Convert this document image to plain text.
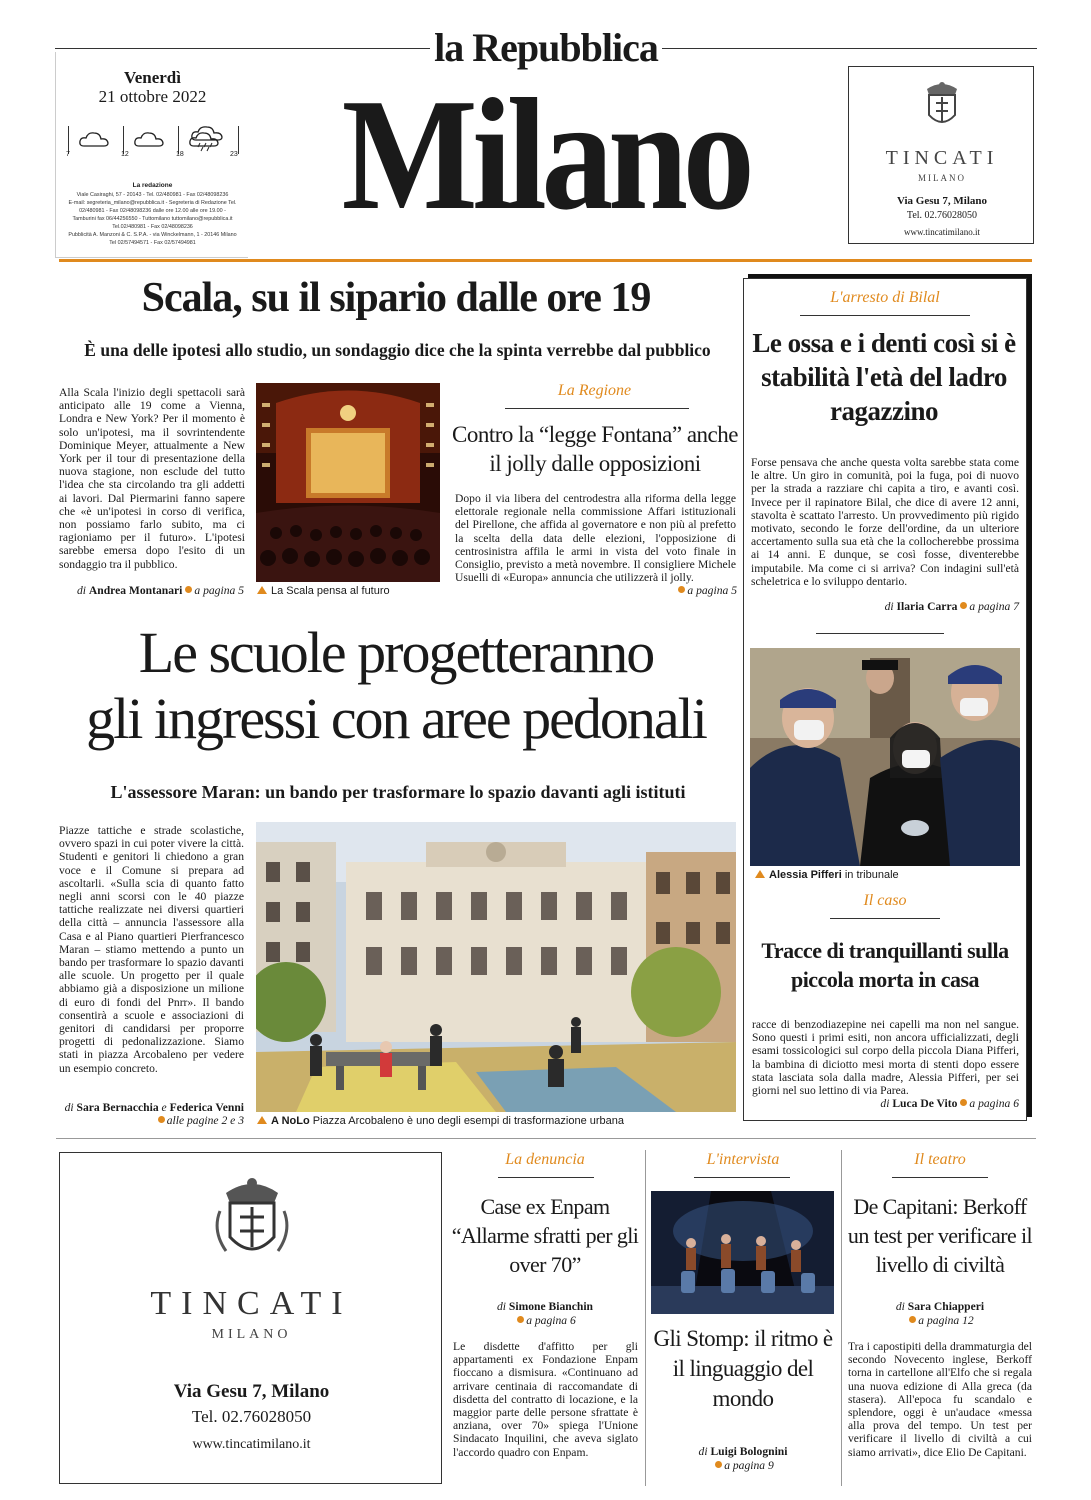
la Repubblica
Milano
Venerdì
21 ottobre 2022
7	12	18	23
La redazione
Viale Casiraghi, 57 - 20143 - Tel. 02/480981 - Fax 02/48098236
E-mail: segreteria_milano@repubblica.it - Segreteria di Redazione Tel.
02/480981 - Fax 02/48098236 dalle ore 12.00 alle ore 19.00 -
Tamburini fax 06/44256550 - Tuttomilano tuttomilano@repubblica.it
Tel.02/480981 - Fax 02/48098236
Pubblicità A. Manzoni & C. S.P.A. - via Winckelmann, 1 - 20146 Milano
Tel 02/57494571 - Fax 02/57494981
TINCATI
MILANO
Via Gesu 7, Milano
Tel. 02.76028050
www.tincatimilano.it
Scala, su il sipario dalle ore 19
È una delle ipotesi allo studio, un sondaggio dice che la spinta verrebbe dal pubblico
Alla Scala l'inizio degli spettacoli sarà anticipato alle 19 come a Vienna, Londra e New York? Per il momento è solo un'ipotesi, ma il sovrintendente Dominique Meyer, attualmente a New York per il tour di presentazione della nuova stagione, non esclude del tutto l'idea che sta circolando tra gli addetti ai lavori. Dal Piermarini fanno sapere che «è un'ipotesi in corso di verifica, non possiamo farlo subito, ma ci ragioniamo per il futuro». L'ipotesi sarebbe emersa dopo l'esito di un sondaggio tra il pubblico.
di Andrea Montanari a pagina 5	La Scala pensa al futuro
La Regione
Contro la “legge Fontana” anche il jolly dalle opposizioni
Dopo il via libera del centrodestra alla riforma della legge elettorale regionale nella commissione Affari istituzionali del Pirellone, che affida al governatore e non più al prefetto la scelta della data delle elezioni, l'opposizione di centrosinistra affila le armi in vista del voto finale in Consiglio, previsto a metà novembre. Il consigliere Michele Usuelli di «Europa» annuncia che utilizzerà il jolly.
a pagina 5
L'arresto di Bilal
Le ossa e i denti così si è stabilità l'età del ladro ragazzino
Forse pensava che anche questa volta sarebbe stata come le altre. Un giro in comunità, poi la fuga, poi di nuovo per la strada a razziare chi capita a tiro, e avanti così. Invece per il rapinatore Bilal, che dice di avere 12 anni, stavolta è scattato l'arresto. Un provvedimento più rigido motivato, secondo le forze dell'ordine, da un ulteriore accertamento sulla sua età che la collocherebbe prossima ai 14 anni. E dunque, se così fosse, diventerebbe imputabile. Ma come ci si arriva? Con indagini sull'età scheletrica e lo sviluppo dentario.
di Ilaria Carra a pagina 7
Alessia Pifferi in tribunale
Il caso
Tracce di tranquillanti sulla piccola morta in casa
racce di benzodiazepine nei capelli ma non nel sangue. Sono questi i primi esiti, non ancora ufficializzati, degli esami tossicologici sul corpo della piccola Diana Pifferi, la bambina di diciotto mesi morta di stenti dopo essere stata lasciata sola dalla madre, Alessia Pifferi, per sei giorni nel suo lettino di via Parea.
di Luca De Vito a pagina 6
Le scuole progetteranno
gli ingressi con aree pedonali
L'assessore Maran: un bando per trasformare lo spazio davanti agli istituti
Piazze tattiche e strade scolastiche, ovvero spazi in cui poter vivere la città. Studenti e genitori li chiedono a gran voce e il Comune si prepara ad ascoltarli. «Sulla scia di quanto fatto negli anni scorsi con le 40 piazze tattiche realizzate nei diversi quartieri della città – annuncia l'assessore alla Casa e al Piano quartieri Pierfrancesco Maran – stiamo mettendo a punto un bando per trasformare lo spazio davanti alle scuole. Un progetto per il quale abbiamo già a disposizione un milione di euro di fondi del Pnrr». Il bando consentirà a scuole e associazioni di genitori di candidarsi per proporre progetti di pedonalizzazione. Siamo stati in piazza Arcobaleno per vedere un esempio concreto.
di Sara Bernacchia e Federica Vennialle pagine 2 e 3	A NoLo Piazza Arcobaleno è uno degli esempi di trasformazione urbana
TINCATI
MILANO
Via Gesu 7, Milano
Tel. 02.76028050
www.tincatimilano.it
La denuncia
Case ex Enpam “Allarme sfratti per gli over 70”
di Simone Bianchin
a pagina 6
Le disdette d'affitto per gli appartamenti ex Fondazione Enpam fioccano a dismisura. «Continuano ad arrivare centinaia di raccomandate di disdetta del contratto di locazione, e la maggior parte delle persone sfrattate è anziana, over 70» spiega l'Unione Sindacato Inquilini, che aveva siglato l'accordo quadro con Enpam.
L'intervista
Gli Stomp: il ritmo è il linguaggio del mondo
di Luigi Bolognini
a pagina 9
Il teatro
De Capitani: Berkoff un test per verificare il livello di civiltà
di Sara Chiapperi
a pagina 12
Tra i capostipiti della drammaturgia del secondo Novecento inglese, Berkoff torna in cartellone all'Elfo che si regala una nuova edizione di Alla greca (da stasera). All'epoca fu scandalo e splendore, oggi è un'audace «messa alla prova del tempo. Un test per verificare il livello di civiltà a cui siamo arrivati», dice Elio De Capitani.
